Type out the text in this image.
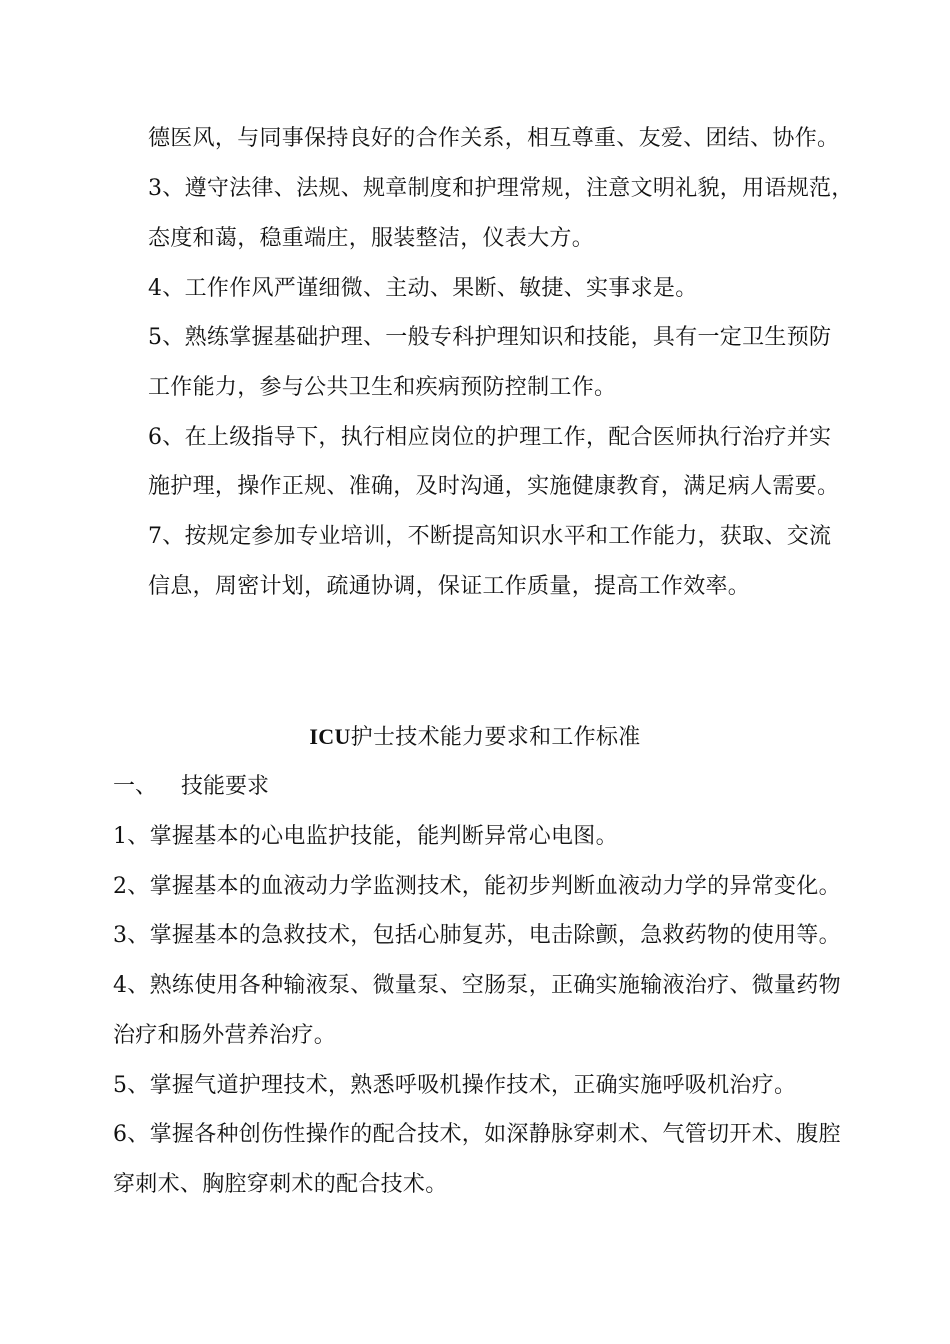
德医风，与同事保持良好的合作关系，相互尊重、友爱、团结、协作。
3、遵守法律、法规、规章制度和护理常规，注意文明礼貌，用语规范，
态度和蔼，稳重端庄，服装整洁，仪表大方。
4、工作作风严谨细微、主动、果断、敏捷、实事求是。
5、熟练掌握基础护理、一般专科护理知识和技能，具有一定卫生预防
工作能力，参与公共卫生和疾病预防控制工作。
6、在上级指导下，执行相应岗位的护理工作，配合医师执行治疗并实
施护理，操作正规、准确，及时沟通，实施健康教育，满足病人需要。
7、按规定参加专业培训，不断提高知识水平和工作能力，获取、交流
信息，周密计划，疏通协调，保证工作质量，提高工作效率。
ICU护士技术能力要求和工作标准
一、 技能要求
1、掌握基本的心电监护技能，能判断异常心电图。
2、掌握基本的血液动力学监测技术，能初步判断血液动力学的异常变化。
3、掌握基本的急救技术，包括心肺复苏，电击除颤，急救药物的使用等。
4、熟练使用各种输液泵、微量泵、空肠泵，正确实施输液治疗、微量药物
治疗和肠外营养治疗。
5、掌握气道护理技术，熟悉呼吸机操作技术，正确实施呼吸机治疗。
6、掌握各种创伤性操作的配合技术，如深静脉穿刺术、气管切开术、腹腔
穿刺术、胸腔穿刺术的配合技术。
